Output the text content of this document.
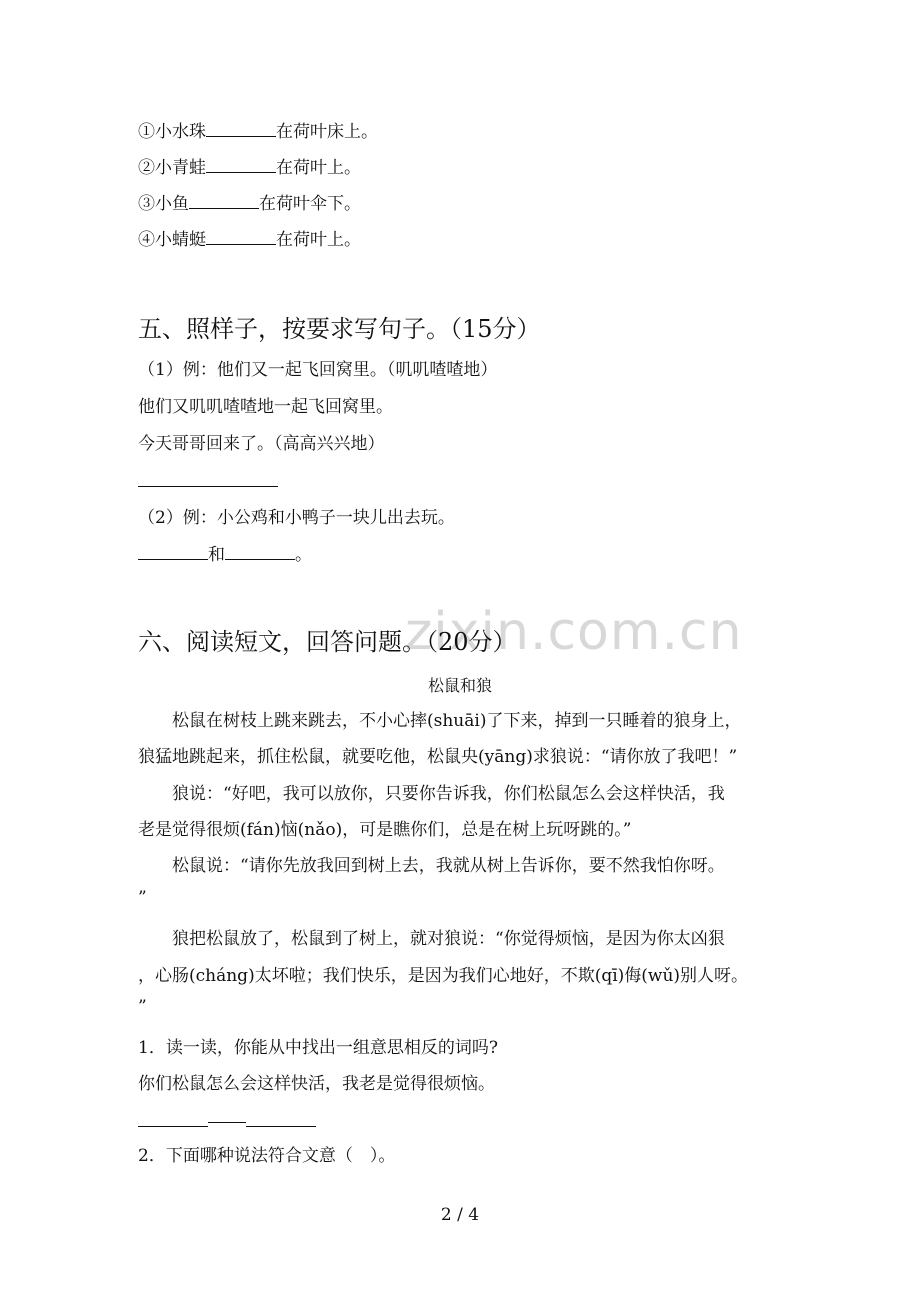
①小水珠	在荷叶床上。
②小青蛙	在荷叶上。
③小鱼	在荷叶伞下。
④小蜻蜓	在荷叶上。
五、照样子，按要求写句子。（15分）
（1）例：他们又一起飞回窝里。（叽叽喳喳地）
他们又叽叽喳喳地一起飞回窝里。
今天哥哥回来了。（高高兴兴地）
（2）例：小公鸡和小鸭子一块儿出去玩。
和	。
zixin.com.cn
六、阅读短文，回答问题。（20分）
松鼠和狼
松鼠在树枝上跳来跳去，不小心摔(shuāi)了下来，掉到一只睡着的狼身上，
狼猛地跳起来，抓住松鼠，就要吃他，松鼠央(yāng)求狼说：“请你放了我吧！”
狼说：“好吧，我可以放你，只要你告诉我，你们松鼠怎么会这样快活，我
老是觉得很烦(fán)恼(nǎo)，可是瞧你们，总是在树上玩呀跳的。”
松鼠说：“请你先放我回到树上去，我就从树上告诉你，要不然我怕你呀。
”
狼把松鼠放了，松鼠到了树上，就对狼说：“你觉得烦恼，是因为你太凶狠
，心肠(cháng)太坏啦；我们快乐，是因为我们心地好，不欺(qī)侮(wǔ)别人呀。
”
1．读一读，你能从中找出一组意思相反的词吗?
你们松鼠怎么会这样快活，我老是觉得很烦恼。
2．下面哪种说法符合文意（　）。
2 / 4
